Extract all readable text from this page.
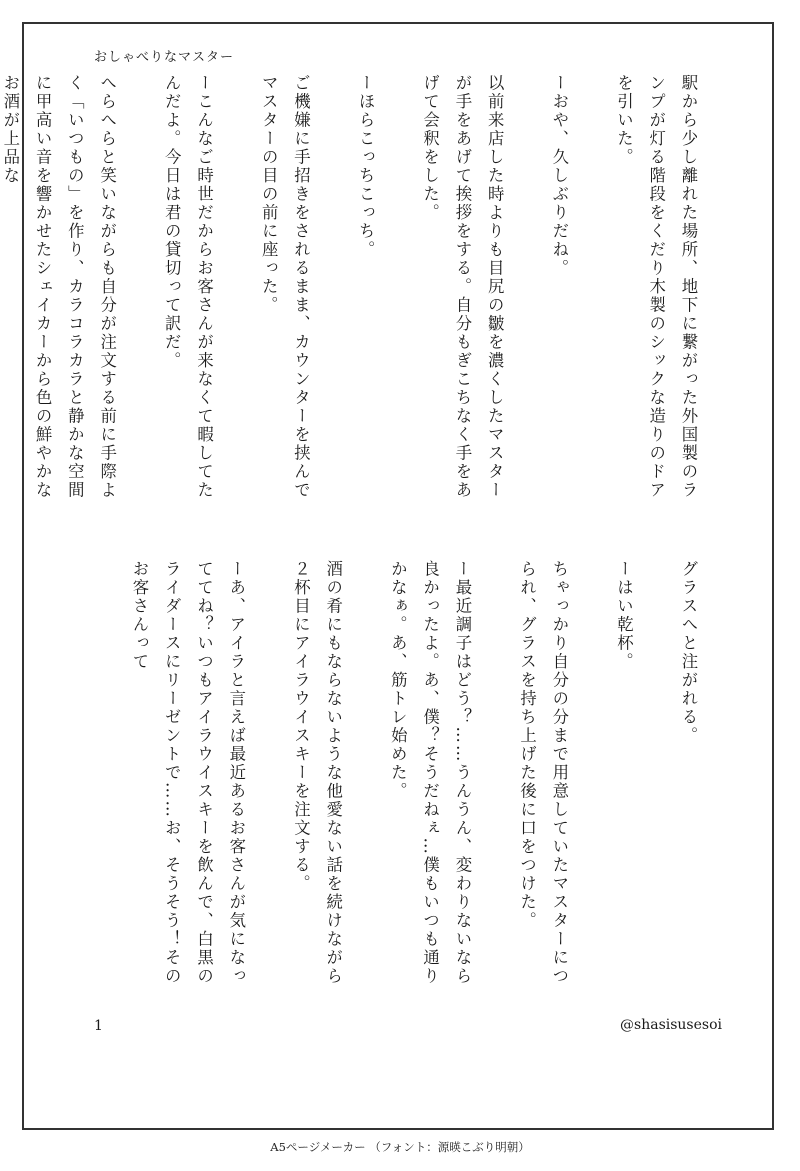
おしゃべりなマスター

駅から少し離れた場所、地下に繋がった外国製のランプが灯る階段をくだり木製のシックな造りのドアを引いた。

ーおや、久しぶりだね。

以前来店した時よりも目尻の皺を濃くしたマスターが手をあげて挨拶をする。自分もぎこちなく手をあげて会釈をした。

ーほらこっちこっち。

ご機嫌に手招きをされるまま、カウンターを挟んでマスターの目の前に座った。

ーこんなご時世だからお客さんが来なくて暇してたんだよ。今日は君の貸切って訳だ。

へらへらと笑いながらも自分が注文する前に手際よく「いつもの」を作り、カラコラカラと静かな空間に甲高い音を響かせたシェイカーから色の鮮やかなお酒が上品な

グラスへと注がれる。

ーはい乾杯。

ちゃっかり自分の分まで用意していたマスターにつられ、グラスを持ち上げた後に口をつけた。

ー最近調子はどう？……うんうん、変わりないなら良かったよ。あ、僕？そうだねぇ…僕もいつも通りかなぁ。あ、筋トレ始めた。

酒の肴にもならないような他愛ない話を続けながら２杯目にアイラウイスキーを注文する。

ーあ、アイラと言えば最近あるお客さんが気になっててね？いつもアイラウイスキーを飲んで、白黒のライダースにリーゼントで……お、そうそう！そのお客さんって

1	@shasisusesoi
A5ページメーカー （フォント：源暎こぶり明朝）
